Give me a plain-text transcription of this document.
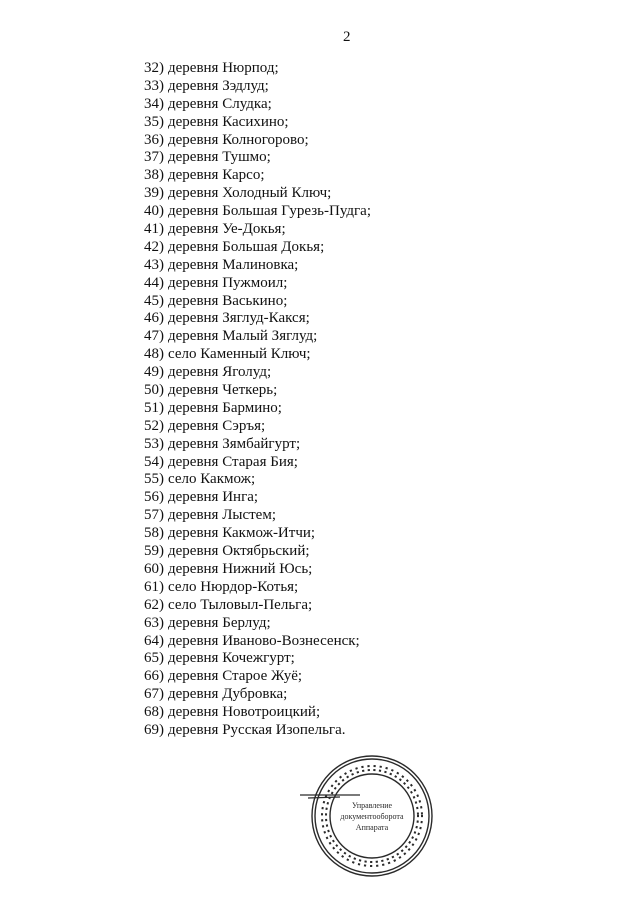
2
32) деревня Нюрпод;
33) деревня Зэдлуд;
34) деревня Слудка;
35) деревня Касихино;
36) деревня Колногорово;
37) деревня Тушмо;
38) деревня Карсо;
39) деревня Холодный Ключ;
40) деревня Большая Гурезь-Пудга;
41) деревня Уе-Докья;
42) деревня Большая Докья;
43) деревня Малиновка;
44) деревня Пужмоил;
45) деревня Васькино;
46) деревня Зяглуд-Какся;
47) деревня Малый Зяглуд;
48) село Каменный Ключ;
49) деревня Яголуд;
50) деревня Четкерь;
51) деревня Бармино;
52) деревня Сэръя;
53) деревня Зямбайгурт;
54) деревня Старая Бия;
55) село Какмож;
56) деревня Инга;
57) деревня Лыстем;
58) деревня Какмож-Итчи;
59) деревня Октябрьский;
60) деревня Нижний Юсь;
61) село Нюрдор-Котья;
62) село Тыловыл-Пельга;
63) деревня Берлуд;
64) деревня Иваново-Вознесенск;
65) деревня Кочежгурт;
66) деревня Старое Жуё;
67) деревня Дубровка;
68) деревня Новотроицкий;
69) деревня Русская Изопельга.
Управление
документооборота
Аппарата
